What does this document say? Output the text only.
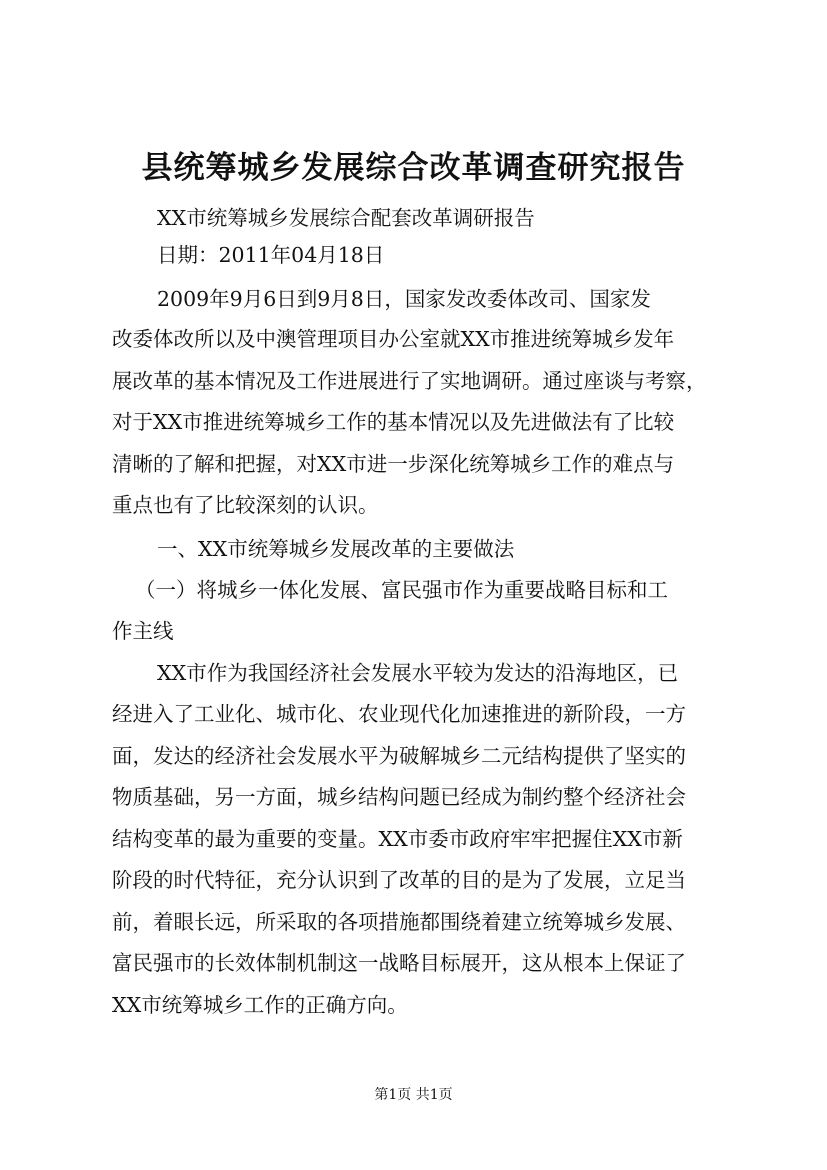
县统筹城乡发展综合改革调查研究报告
XX市统筹城乡发展综合配套改革调研报告
日期：2011年04月18日
2009年9月6日到9月8日，国家发改委体改司、国家发
改委体改所以及中澳管理项目办公室就XX市推进统筹城乡发年
展改革的基本情况及工作进展进行了实地调研。通过座谈与考察，
对于XX市推进统筹城乡工作的基本情况以及先进做法有了比较
清晰的了解和把握，对XX市进一步深化统筹城乡工作的难点与
重点也有了比较深刻的认识。
一、XX市统筹城乡发展改革的主要做法
（一）将城乡一体化发展、富民强市作为重要战略目标和工
作主线
XX市作为我国经济社会发展水平较为发达的沿海地区，已
经进入了工业化、城市化、农业现代化加速推进的新阶段，一方
面，发达的经济社会发展水平为破解城乡二元结构提供了坚实的
物质基础，另一方面，城乡结构问题已经成为制约整个经济社会
结构变革的最为重要的变量。XX市委市政府牢牢把握住XX市新
阶段的时代特征，充分认识到了改革的目的是为了发展，立足当
前，着眼长远，所采取的各项措施都围绕着建立统筹城乡发展、
富民强市的长效体制机制这一战略目标展开，这从根本上保证了
XX市统筹城乡工作的正确方向。
第1页 共1页
